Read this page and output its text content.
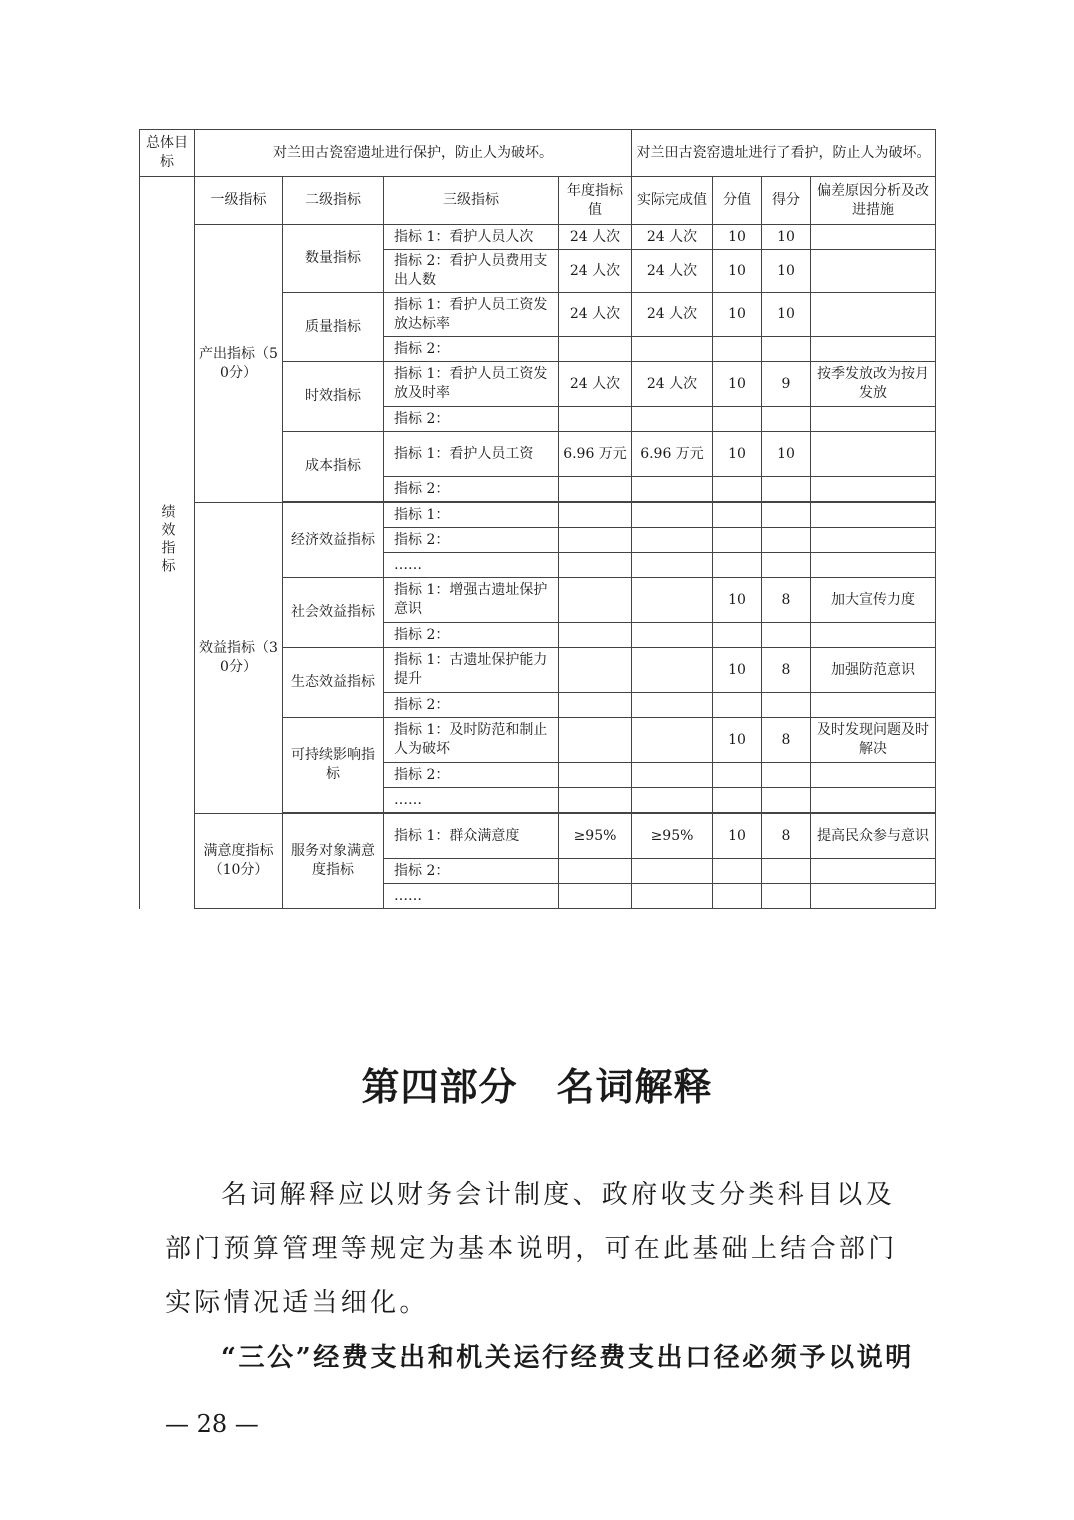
总体目标	对兰田古瓷窑遗址进行保护，防止人为破坏。				对兰田古瓷窑遗址进行了看护，防止人为破坏。			
绩效指标	一级指标	二级指标	三级指标	年度指标值	实际完成值	分值	得分	偏差原因分析及改进措施
	产出指标（50分）	数量指标	指标 1：看护人员人次	24 人次	24 人次	10	10	
			指标 2：看护人员费用支出人数	24 人次	24 人次	10	10	
		质量指标	指标 1：看护人员工资发放达标率	24 人次	24 人次	10	10	
			指标 2：					
		时效指标	指标 1：看护人员工资发放及时率	24 人次	24 人次	10	9	按季发放改为按月发放
			指标 2：					
		成本指标	指标 1：看护人员工资	6.96 万元	6.96 万元	10	10	
			指标 2：					

	效益指标（30分）	经济效益指标	指标 1：					
			指标 2：					
			……					
		社会效益指标	指标 1：增强古遗址保护意识			10	8	加大宣传力度
			指标 2：					
		生态效益指标	指标 1：古遗址保护能力提升			10	8	加强防范意识
			指标 2：					
		可持续影响指标	指标 1：及时防范和制止人为破坏			10	8	及时发现问题及时解决
			指标 2：					
			……					

	满意度指标（10分）	服务对象满意度指标	指标 1：群众满意度	≥95%	≥95%	10	8	提高民众参与意识
			指标 2：					
			……					
第四部分　名词解释
名词解释应以财务会计制度、政府收支分类科目以及部门预算管理等规定为基本说明，可在此基础上结合部门实际情况适当细化。
“三公”经费支出和机关运行经费支出口径必须予以说明
— 28 —
